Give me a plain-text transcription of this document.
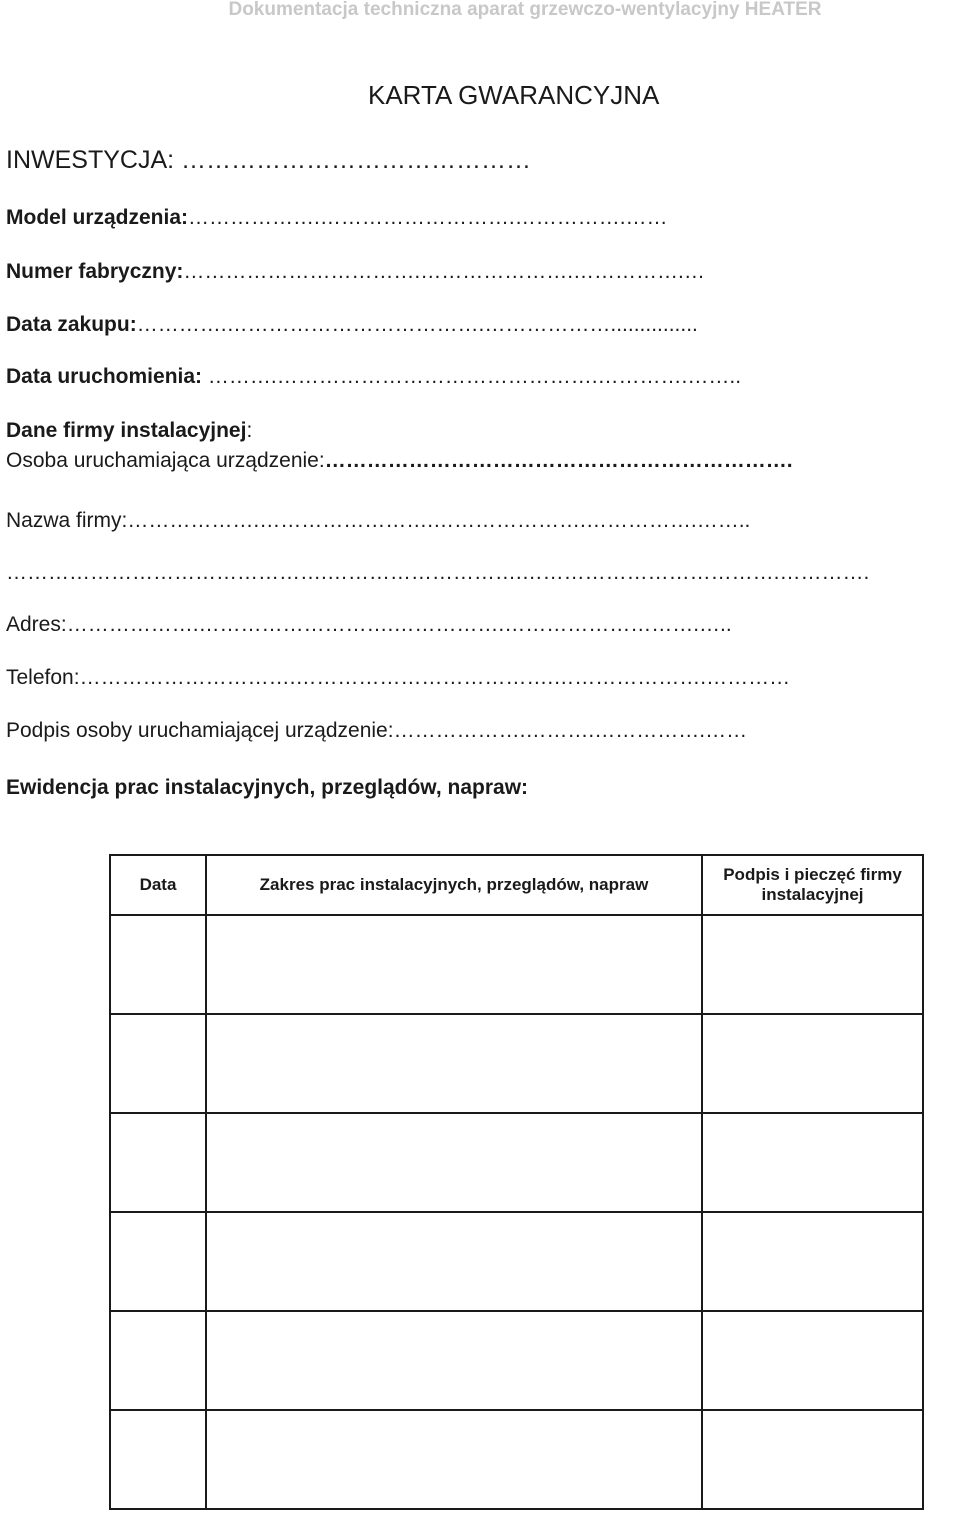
Dokumentacja techniczna aparat grzewczo-wentylacyjny HEATER
KARTA GWARANCYJNA
INWESTYCJA: ……………………………………
Model urządzenia:……………….……………………….…………….……
Numer fabryczny:…………………………….………………….…………….…
Data zakupu:………….……………………………….………………...............
Data uruchomienia: ……….……………………………………….………….……..
Dane firmy instalacyjnej:
Osoba uruchamiająca urządzenie:………………………………………………………….
Nazwa firmy:……………….…………………….………………….…………….……..
……………………………………….……………………….……………………………….………….
Adres:……………….……………………….…………….……………………….…..
Telefon:………………………….……………………………….………………….…………
Podpis osoby uruchamiającej urządzenie:……………….……….…………….……
Ewidencja prac instalacyjnych, przeglądów, napraw:
Data	Zakres prac instalacyjnych, przeglądów, napraw	Podpis i pieczęć firmy
instalacyjnej
